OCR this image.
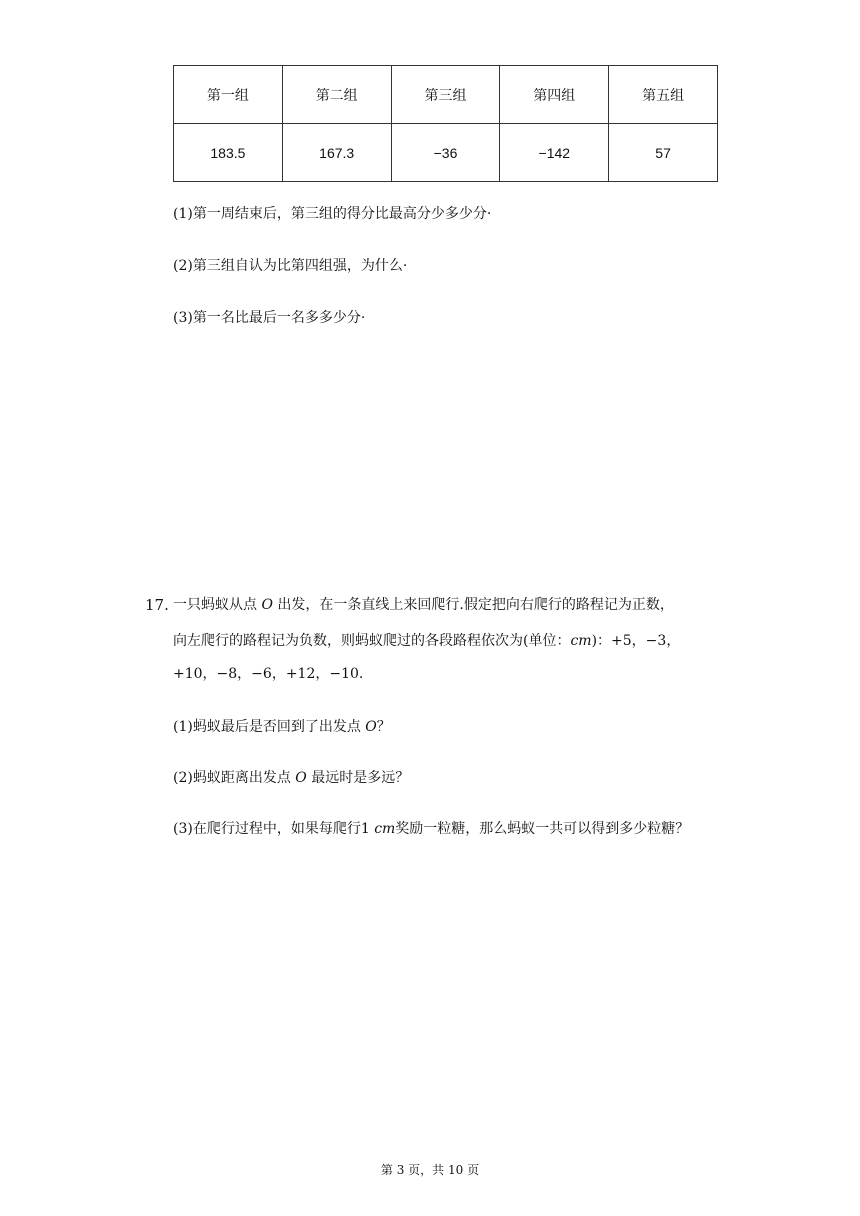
第一组	第二组	第三组	第四组	第五组
183.5	167.3	−36	−142	57
(1)第一周结束后，第三组的得分比最高分少多少分·
(2)第三组自认为比第四组强，为什么·
(3)第一名比最后一名多多少分·
17. 一只蚂蚁从点 𝑂 出发，在一条直线上来回爬行.假定把向右爬行的路程记为正数，
向左爬行的路程记为负数，则蚂蚁爬过的各段路程依次为(单位：𝑐𝑚)：+5，−3，
+10，−8，−6，+12，−10.
(1)蚂蚁最后是否回到了出发点 𝑂？
(2)蚂蚁距离出发点 𝑂 最远时是多远？
(3)在爬行过程中，如果每爬行1 𝑐𝑚奖励一粒糖，那么蚂蚁一共可以得到多少粒糖？
第 3 页，共 10 页
